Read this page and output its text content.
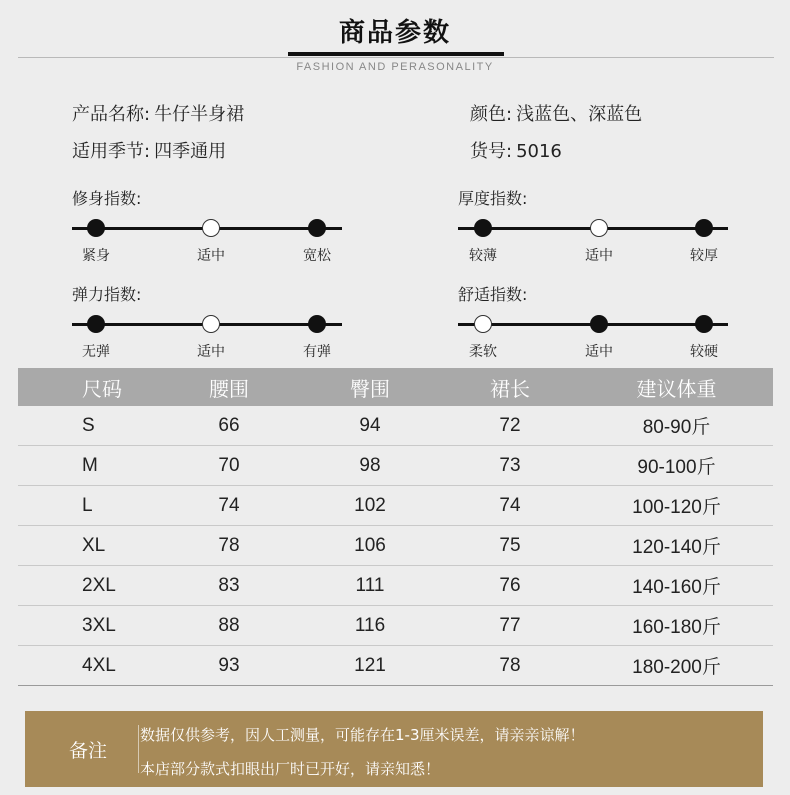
商品参数
FASHION AND PERASONALITY
产品名称: 牛仔半身裙
适用季节: 四季通用
颜色: 浅蓝色、深蓝色
货号: 5016
修身指数:
紧身	适中	宽松
厚度指数:
较薄	适中	较厚
弹力指数:
无弹	适中	有弹
舒适指数:
柔软	适中	较硬
尺码	腰围	臀围	裙长	建议体重
S	66	94	72	80-90斤
M	70	98	73	90-100斤
L	74	102	74	100-120斤
XL	78	106	75	120-140斤
2XL	83	111	76	140-160斤
3XL	88	116	77	160-180斤
4XL	93	121	78	180-200斤
备注
数据仅供参考，因人工测量，可能存在1-3厘米误差，请亲亲谅解！
本店部分款式扣眼出厂时已开好，请亲知悉！
